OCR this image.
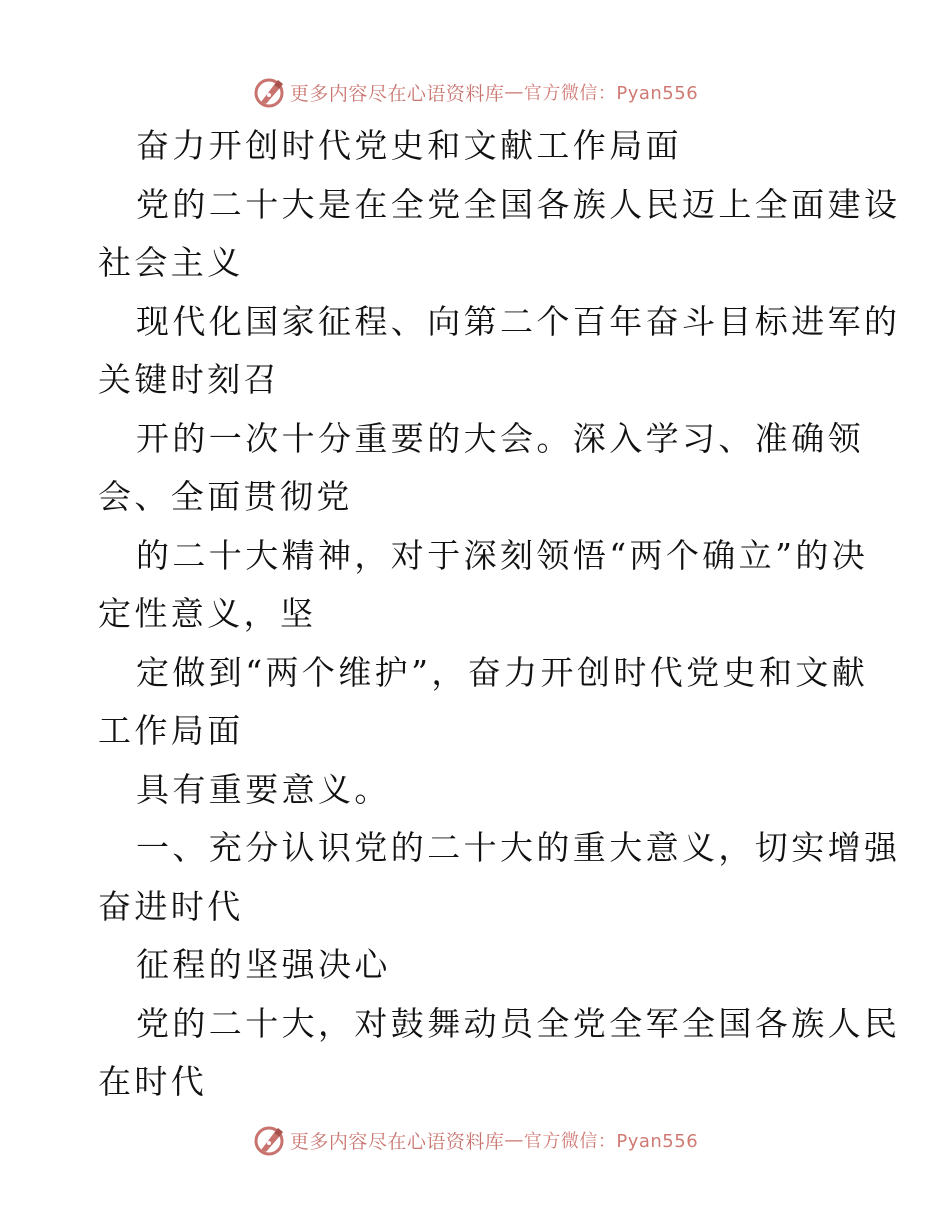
更多内容尽在心语资料库 — 官方微信：Pyan556
奋力开创时代党史和文献工作局面
党的二十大是在全党全国各族人民迈上全面建设
社会主义
现代化国家征程、向第二个百年奋斗目标进军的
关键时刻召
开的一次十分重要的大会。深入学习、准确领
会、全面贯彻党
的二十大精神，对于深刻领悟“两个确立”的决
定性意义，坚
定做到“两个维护”，奋力开创时代党史和文献
工作局面
具有重要意义。
一、充分认识党的二十大的重大意义，切实增强
奋进时代
征程的坚强决心
党的二十大，对鼓舞动员全党全军全国各族人民
在时代
更多内容尽在心语资料库 — 官方微信：Pyan556
